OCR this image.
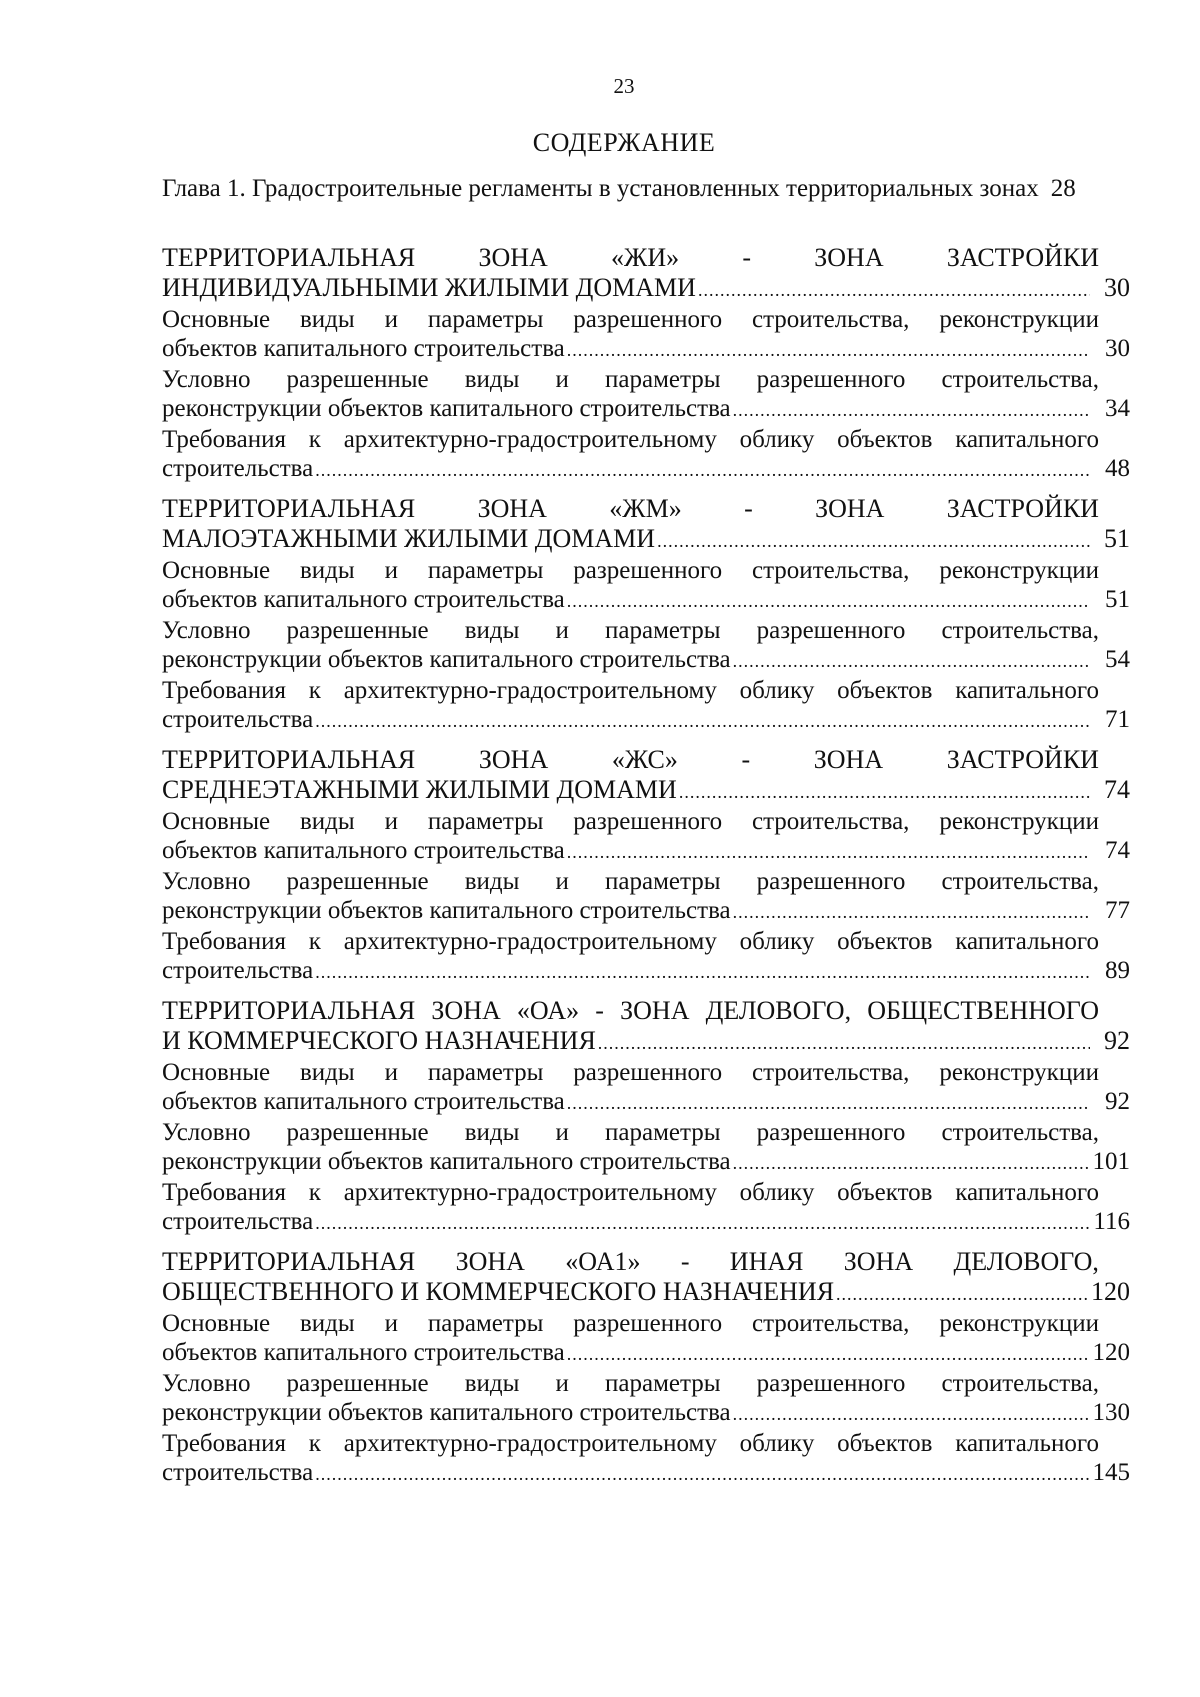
23
СОДЕРЖАНИЕ
Глава 1. Градостроительные регламенты в установленных территориальных зонах 28
ТЕРРИТОРИАЛЬНАЯ ЗОНА «ЖИ» - ЗОНА ЗАСТРОЙКИ
ИНДИВИДУАЛЬНЫМИ ЖИЛЫМИ ДОМАМИ .....	30
Основные виды и параметры разрешенного строительства, реконструкции
объектов капитального строительства .....	30
Условно разрешенные виды и параметры разрешенного строительства,
реконструкции объектов капитального строительства .....	34
Требования к архитектурно-градостроительному облику объектов капитального
строительства .....	48
ТЕРРИТОРИАЛЬНАЯ ЗОНА «ЖМ» - ЗОНА ЗАСТРОЙКИ
МАЛОЭТАЖНЫМИ ЖИЛЫМИ ДОМАМИ .....	51
Основные виды и параметры разрешенного строительства, реконструкции
объектов капитального строительства .....	51
Условно разрешенные виды и параметры разрешенного строительства,
реконструкции объектов капитального строительства .....	54
Требования к архитектурно-градостроительному облику объектов капитального
строительства .....	71
ТЕРРИТОРИАЛЬНАЯ ЗОНА «ЖС» - ЗОНА ЗАСТРОЙКИ
СРЕДНЕЭТАЖНЫМИ ЖИЛЫМИ ДОМАМИ .....	74
Основные виды и параметры разрешенного строительства, реконструкции
объектов капитального строительства .....	74
Условно разрешенные виды и параметры разрешенного строительства,
реконструкции объектов капитального строительства .....	77
Требования к архитектурно-градостроительному облику объектов капитального
строительства .....	89
ТЕРРИТОРИАЛЬНАЯ ЗОНА «ОА» - ЗОНА ДЕЛОВОГО, ОБЩЕСТВЕННОГО
И КОММЕРЧЕСКОГО НАЗНАЧЕНИЯ .....	92
Основные виды и параметры разрешенного строительства, реконструкции
объектов капитального строительства .....	92
Условно разрешенные виды и параметры разрешенного строительства,
реконструкции объектов капитального строительства .....	101
Требования к архитектурно-градостроительному облику объектов капитального
строительства .....	116
ТЕРРИТОРИАЛЬНАЯ ЗОНА «ОА1» - ИНАЯ ЗОНА ДЕЛОВОГО,
ОБЩЕСТВЕННОГО И КОММЕРЧЕСКОГО НАЗНАЧЕНИЯ .....	120
Основные виды и параметры разрешенного строительства, реконструкции
объектов капитального строительства .....	120
Условно разрешенные виды и параметры разрешенного строительства,
реконструкции объектов капитального строительства .....	130
Требования к архитектурно-градостроительному облику объектов капитального
строительства .....	145
